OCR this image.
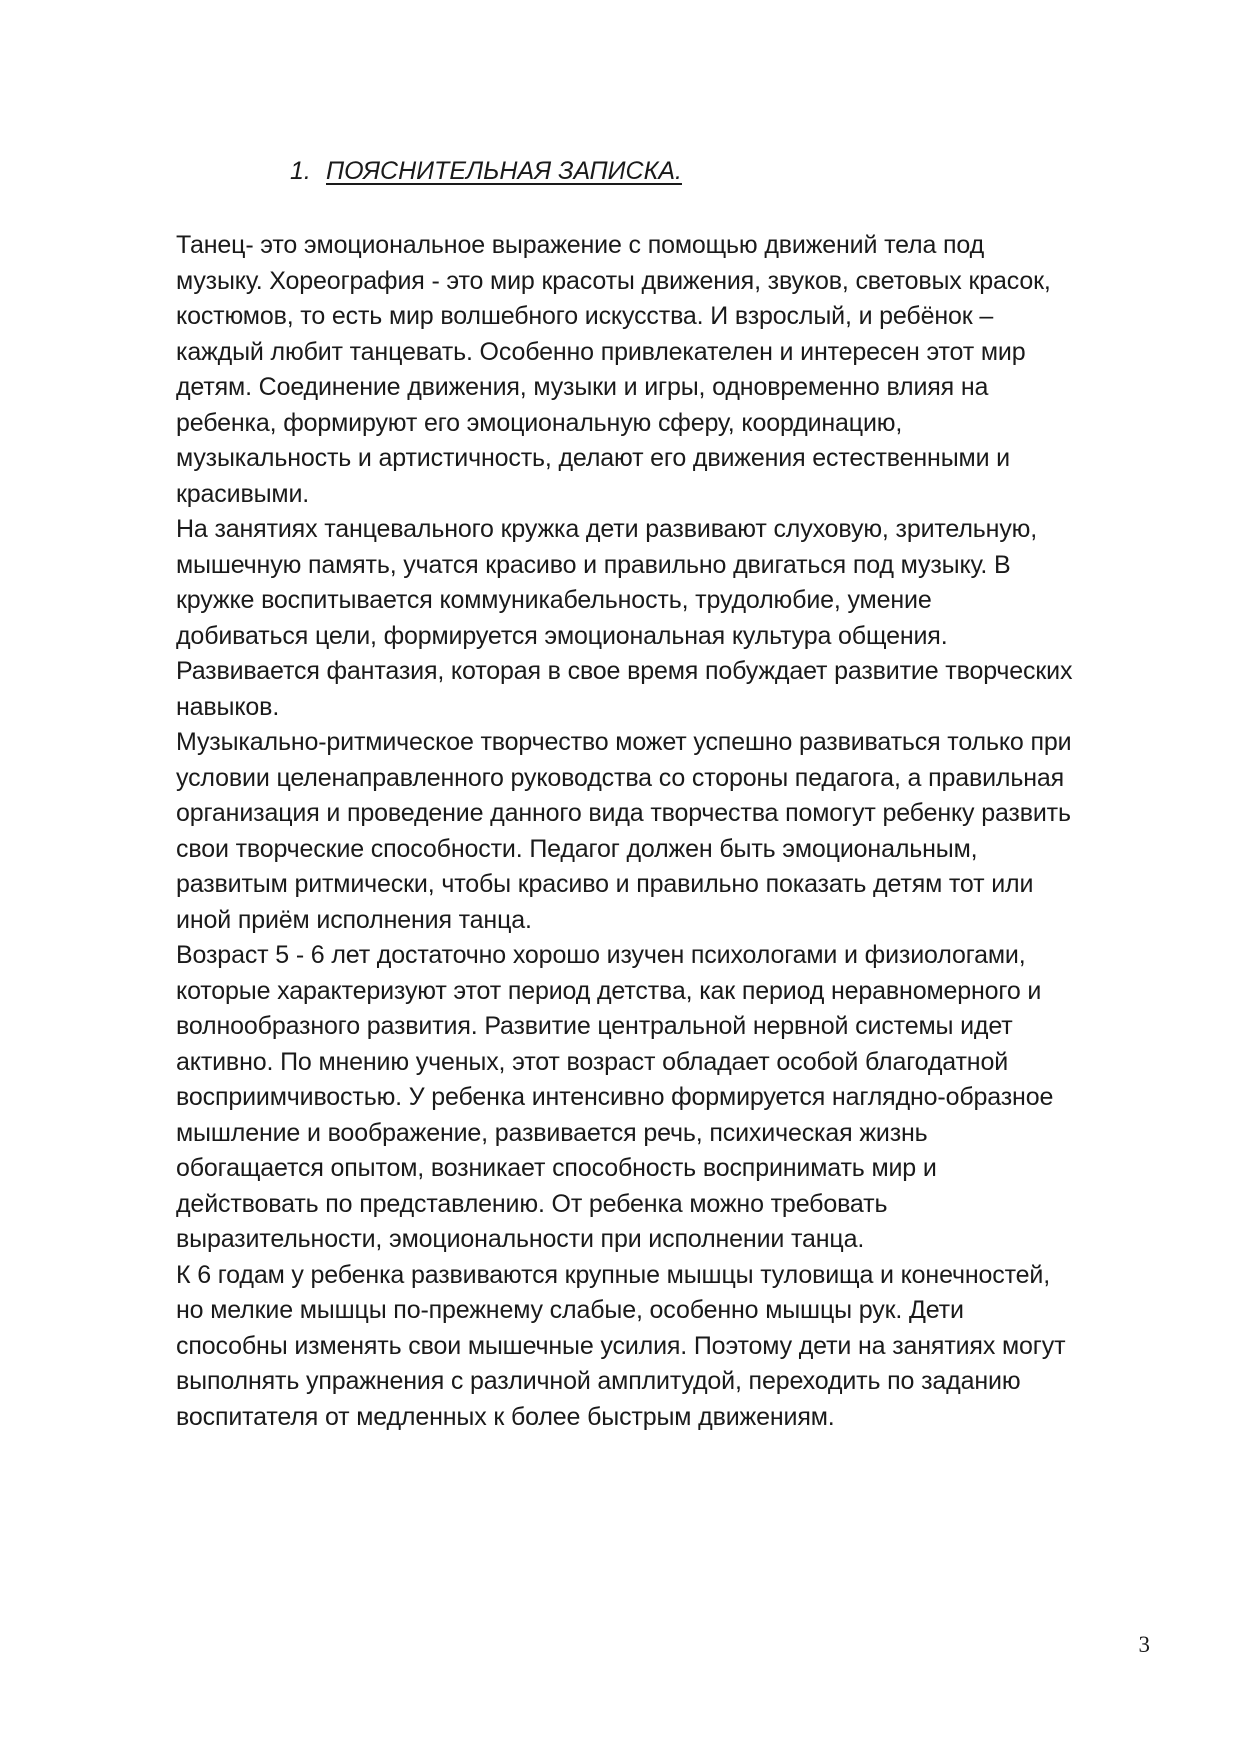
1. ПОЯСНИТЕЛЬНАЯ ЗАПИСКА.
Танец- это эмоциональное выражение с помощью движений тела под
музыку. Хореография - это мир красоты движения, звуков, световых красок,
костюмов, то есть мир волшебного искусства. И взрослый, и ребёнок –
каждый любит танцевать. Особенно привлекателен и интересен этот мир
детям. Соединение движения, музыки и игры, одновременно влияя на
ребенка, формируют его эмоциональную сферу, координацию,
музыкальность и артистичность, делают его движения естественными и
красивыми.
На занятиях танцевального кружка дети развивают слуховую, зрительную,
мышечную память, учатся красиво и правильно двигаться под музыку. В
кружке воспитывается коммуникабельность, трудолюбие, умение
добиваться цели, формируется эмоциональная культура общения.
Развивается фантазия, которая в свое время побуждает развитие творческих
навыков.
Музыкально-ритмическое творчество может успешно развиваться только при
условии целенаправленного руководства со стороны педагога, а правильная
организация и проведение данного вида творчества помогут ребенку развить
свои творческие способности. Педагог должен быть эмоциональным,
развитым ритмически, чтобы красиво и правильно показать детям тот или
иной приём исполнения танца.
Возраст 5 - 6 лет достаточно хорошо изучен психологами и физиологами,
которые характеризуют этот период детства, как период неравномерного и
волнообразного развития. Развитие центральной нервной системы идет
активно. По мнению ученых, этот возраст обладает особой благодатной
восприимчивостью. У ребенка интенсивно формируется наглядно-образное
мышление и воображение, развивается речь, психическая жизнь
обогащается опытом, возникает способность воспринимать мир и
действовать по представлению. От ребенка можно требовать
выразительности, эмоциональности при исполнении танца.
К 6 годам у ребенка развиваются крупные мышцы туловища и конечностей,
но мелкие мышцы по-прежнему слабые, особенно мышцы рук. Дети
способны изменять свои мышечные усилия. Поэтому дети на занятиях могут
выполнять упражнения с различной амплитудой, переходить по заданию
воспитателя от медленных к более быстрым движениям.
3
